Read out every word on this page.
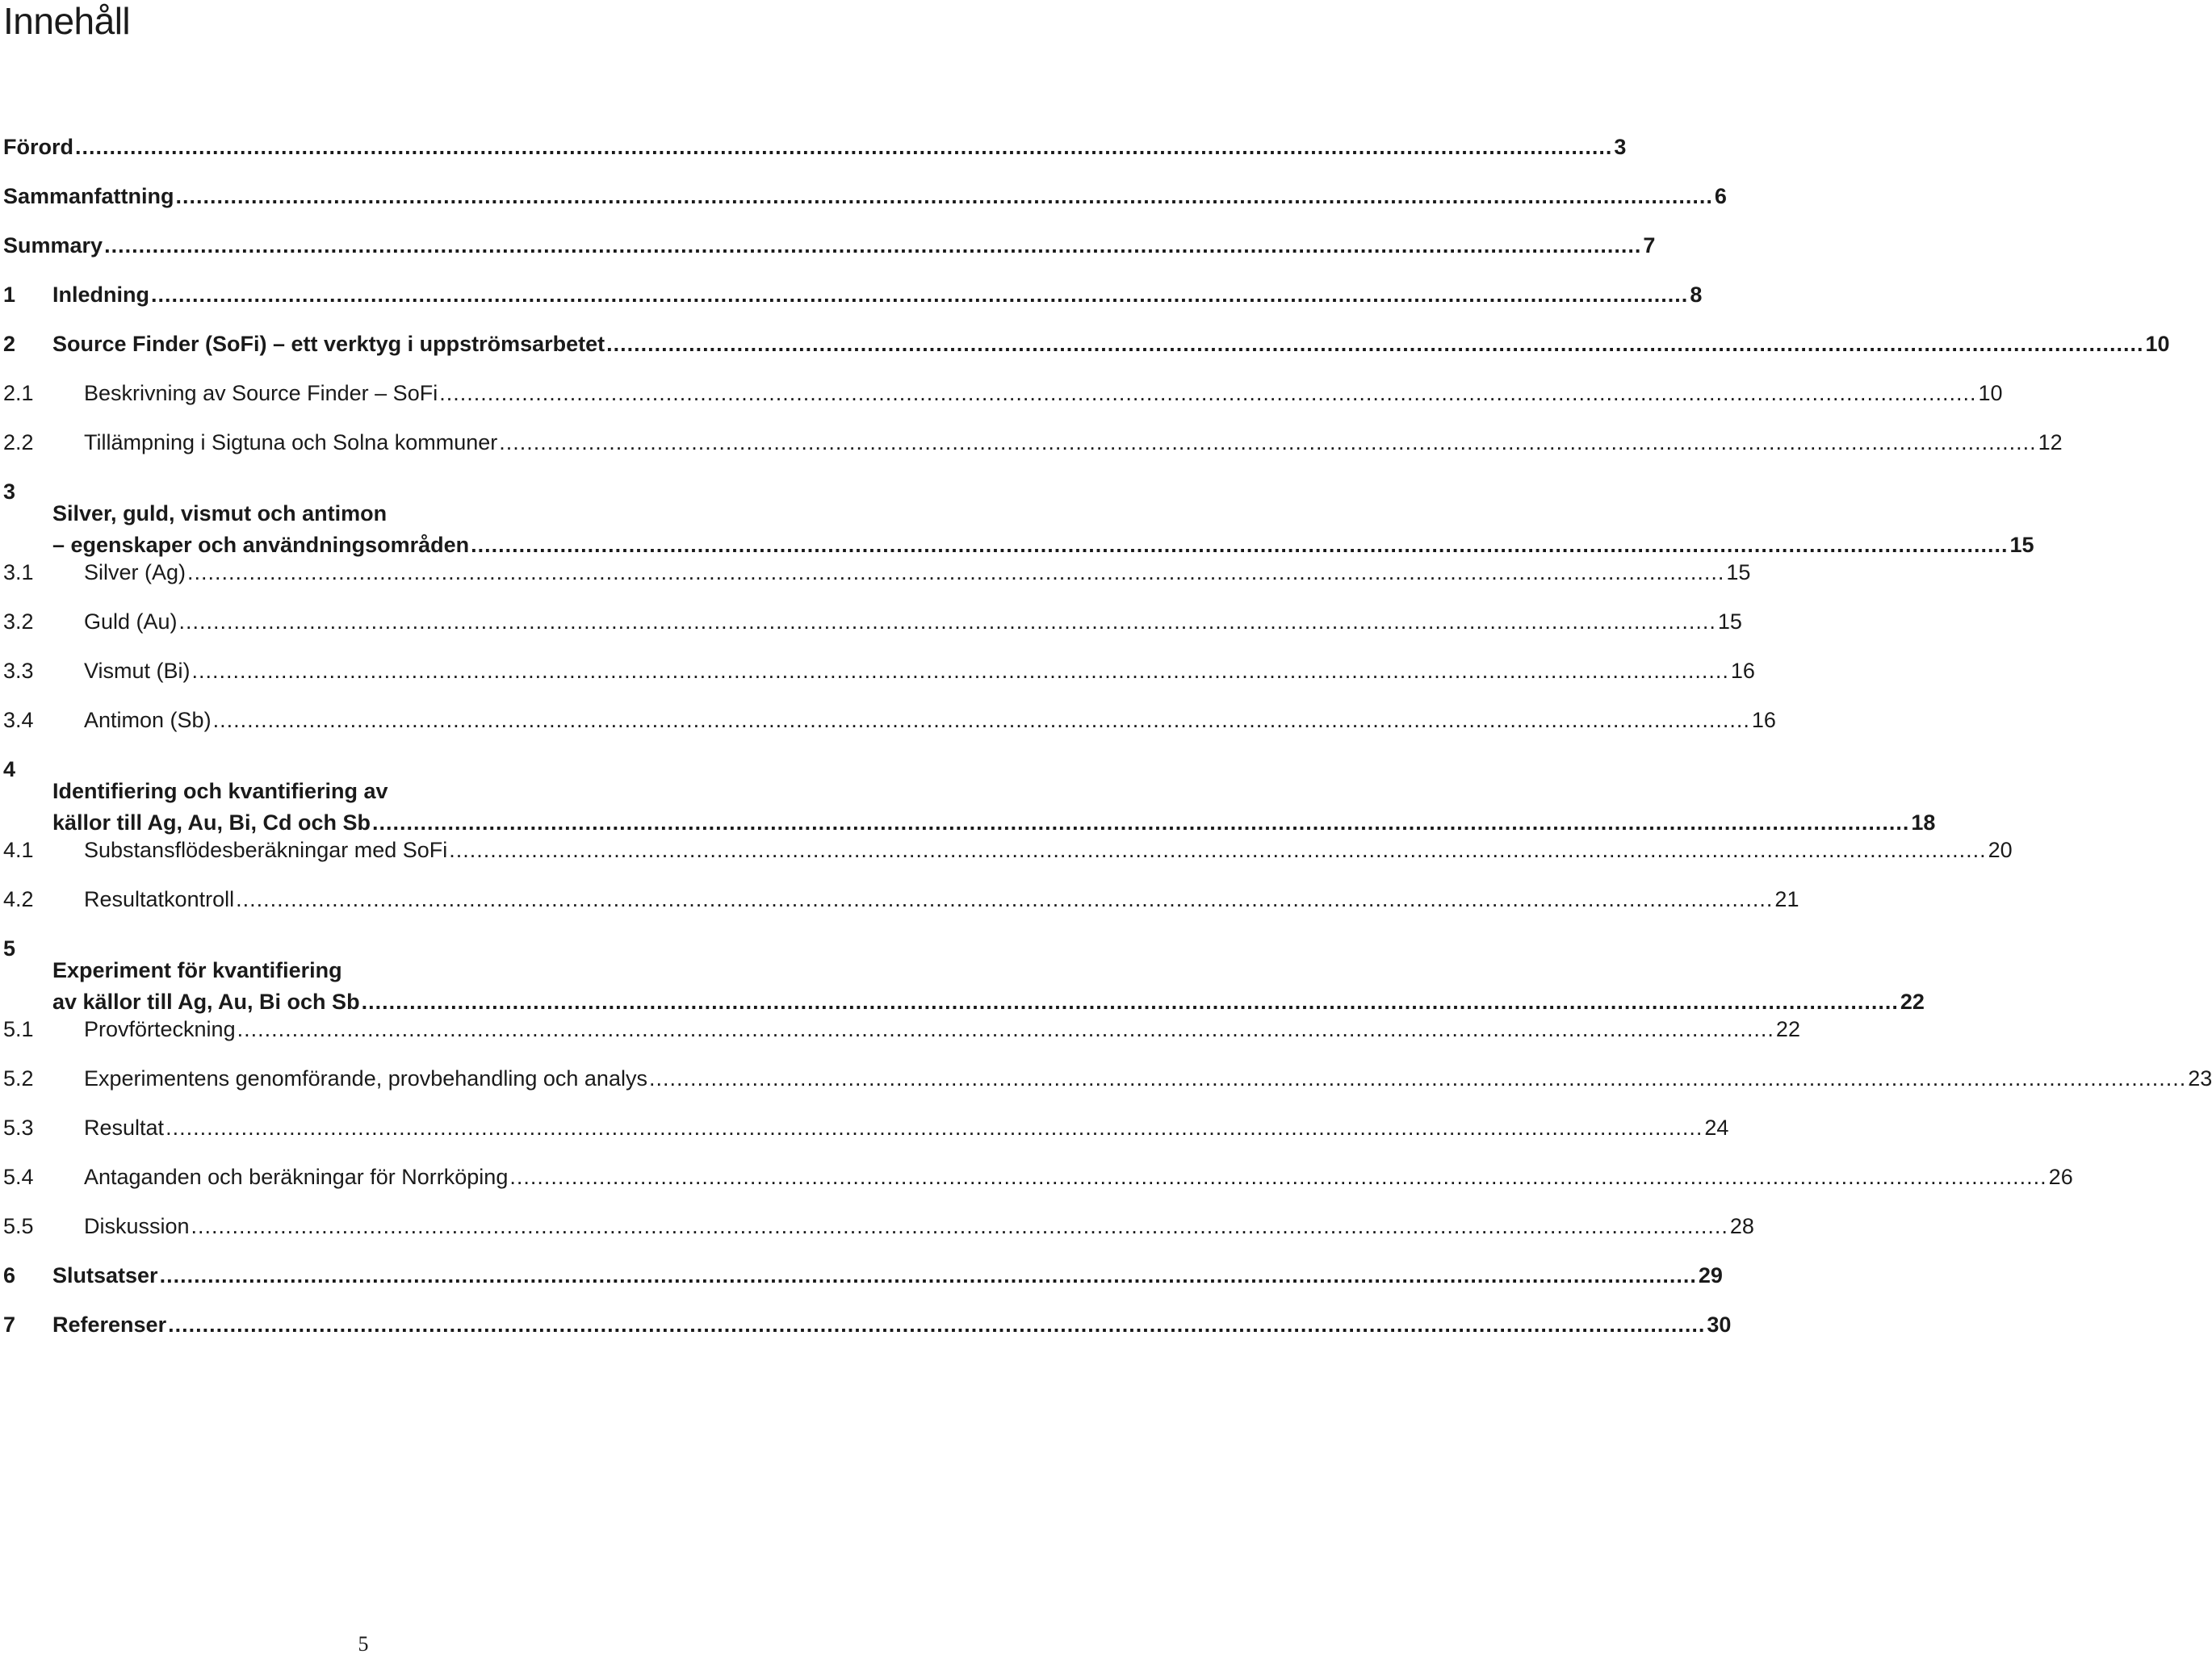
Innehåll
Förord .....	3
Sammanfattning .....	6
Summary .....	7
1	Inledning .....	8
2	Source Finder (SoFi) – ett verktyg i uppströmsarbetet .....	10
2.1	Beskrivning av Source Finder – SoFi .....	10
2.2	Tillämpning i Sigtuna och Solna kommuner .....	12
3
Silver, guld, vismut och antimon
– egenskaper och användningsområden .....	15
3.1	Silver (Ag) .....	15
3.2	Guld (Au) .....	15
3.3	Vismut (Bi) .....	16
3.4	Antimon (Sb) .....	16
4
Identifiering och kvantifiering av
källor till Ag, Au, Bi, Cd och Sb .....	18
4.1	Substansflödesberäkningar med SoFi .....	20
4.2	Resultatkontroll .....	21
5
Experiment för kvantifiering
av källor till Ag, Au, Bi och Sb .....	22
5.1	Provförteckning .....	22
5.2	Experimentens genomförande, provbehandling och analys .....	23
5.3	Resultat .....	24
5.4	Antaganden och beräkningar för Norrköping .....	26
5.5	Diskussion .....	28
6	Slutsatser .....	29
7	Referenser .....	30
5
